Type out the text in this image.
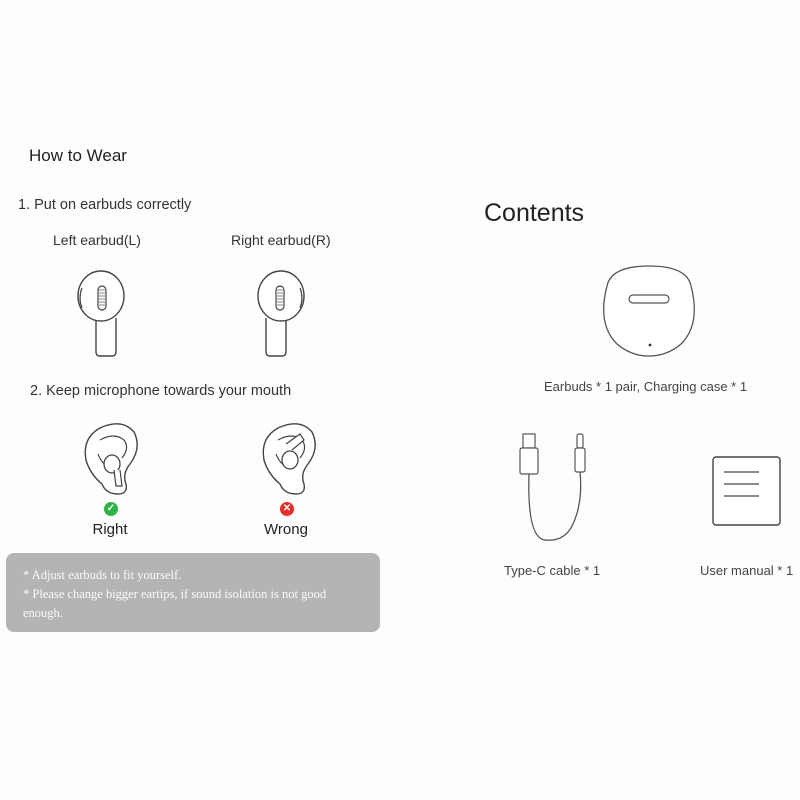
How to Wear
1. Put on earbuds correctly
Left earbud(L)	Right earbud(R)
2. Keep microphone towards your mouth
✓	✕
Right	Wrong
* Adjust earbuds to fit yourself.
* Please change bigger eartips, if sound isolation is not good enough.
Contents
Earbuds * 1 pair, Charging case * 1
Type-C cable * 1	User manual * 1
